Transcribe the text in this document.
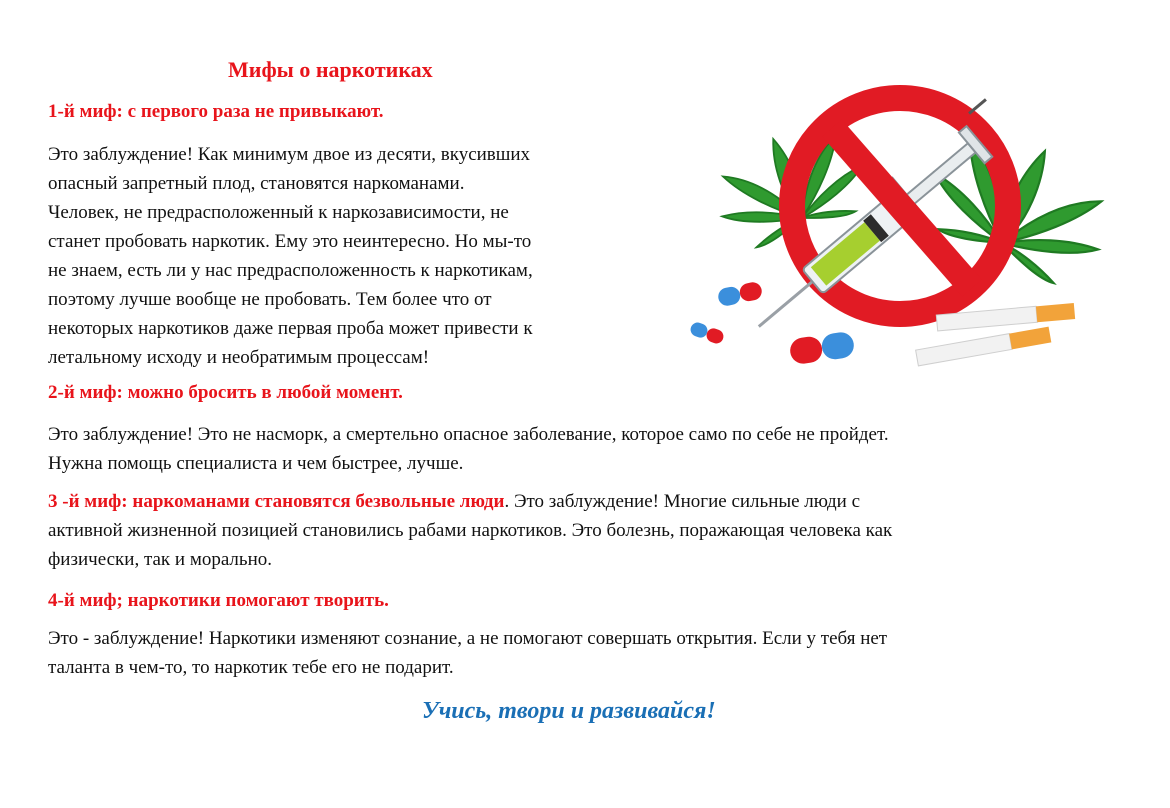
Мифы о наркотиках
1-й миф: с первого раза не привыкают.
Это заблуждение! Как минимум двое из десяти, вкусивших
опасный запретный плод, становятся наркоманами.
Человек, не предрасположенный к наркозависимости, не
станет пробовать наркотик. Ему это неинтересно. Но мы-то
не знаем, есть ли у нас предрасположенность к наркотикам,
поэтому лучше вообще не пробовать. Тем более что от
некоторых наркотиков даже первая проба может привести к
летальному исходу и необратимым процессам!
2-й миф: можно бросить в любой момент.
Это заблуждение! Это не насморк, а смертельно опасное заболевание, которое само по себе не пройдет.
Нужна помощь специалиста и чем быстрее, лучше.
3 -й миф: наркоманами становятся безвольные люди. Это заблуждение! Многие сильные люди с
активной жизненной позицией становились рабами наркотиков. Это болезнь, поражающая человека как
физически, так и морально.
4-й миф; наркотики помогают творить.
Это - заблуждение! Наркотики изменяют сознание, а не помогают совершать открытия. Если у тебя нет
таланта в чем-то, то наркотик тебе его не подарит.
Учись, твори и развивайся!
